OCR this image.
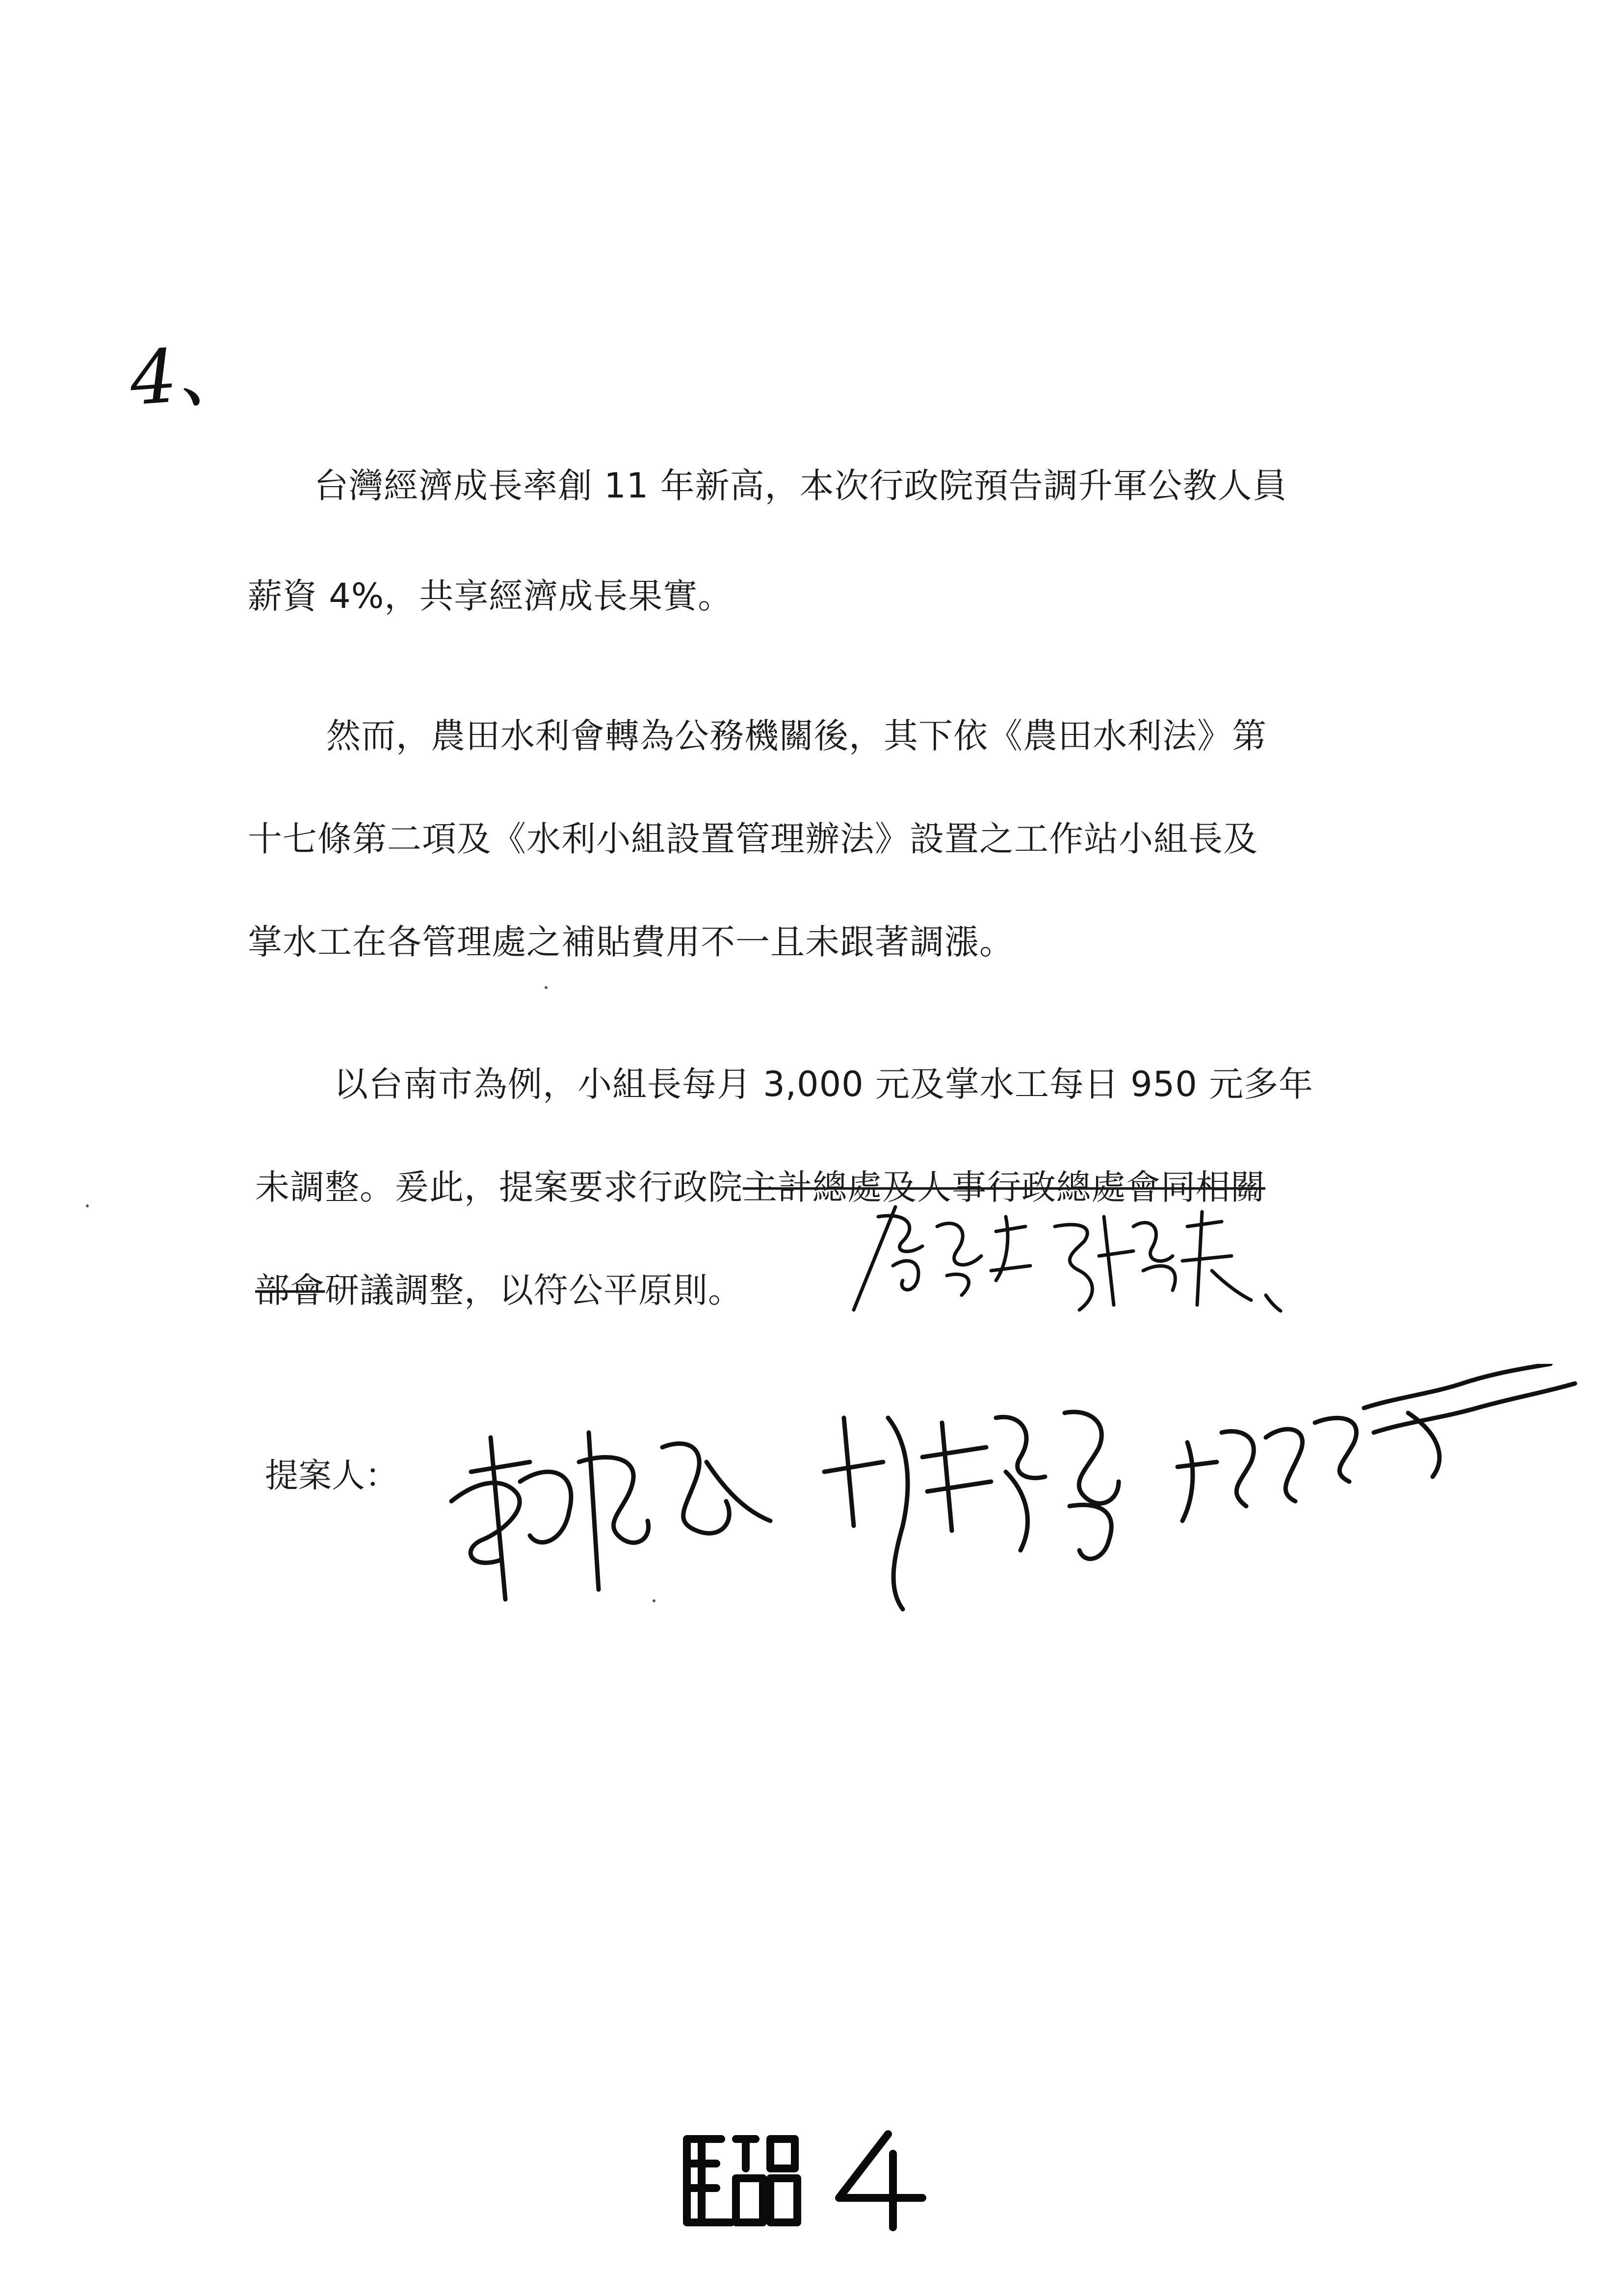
4、
台灣經濟成長率創 11 年新高，本次行政院預告調升軍公教人員
薪資 4%，共享經濟成長果實。
然而，農田水利會轉為公務機關後，其下依《農田水利法》第
十七條第二項及《水利小組設置管理辦法》設置之工作站小組長及
掌水工在各管理處之補貼費用不一且未跟著調漲。
以台南市為例，小組長每月 3,000 元及掌水工每日 950 元多年
未調整。爰此，提案要求行政院主計總處及人事行政總處會同相關
部會研議調整，以符公平原則。
提案人：
